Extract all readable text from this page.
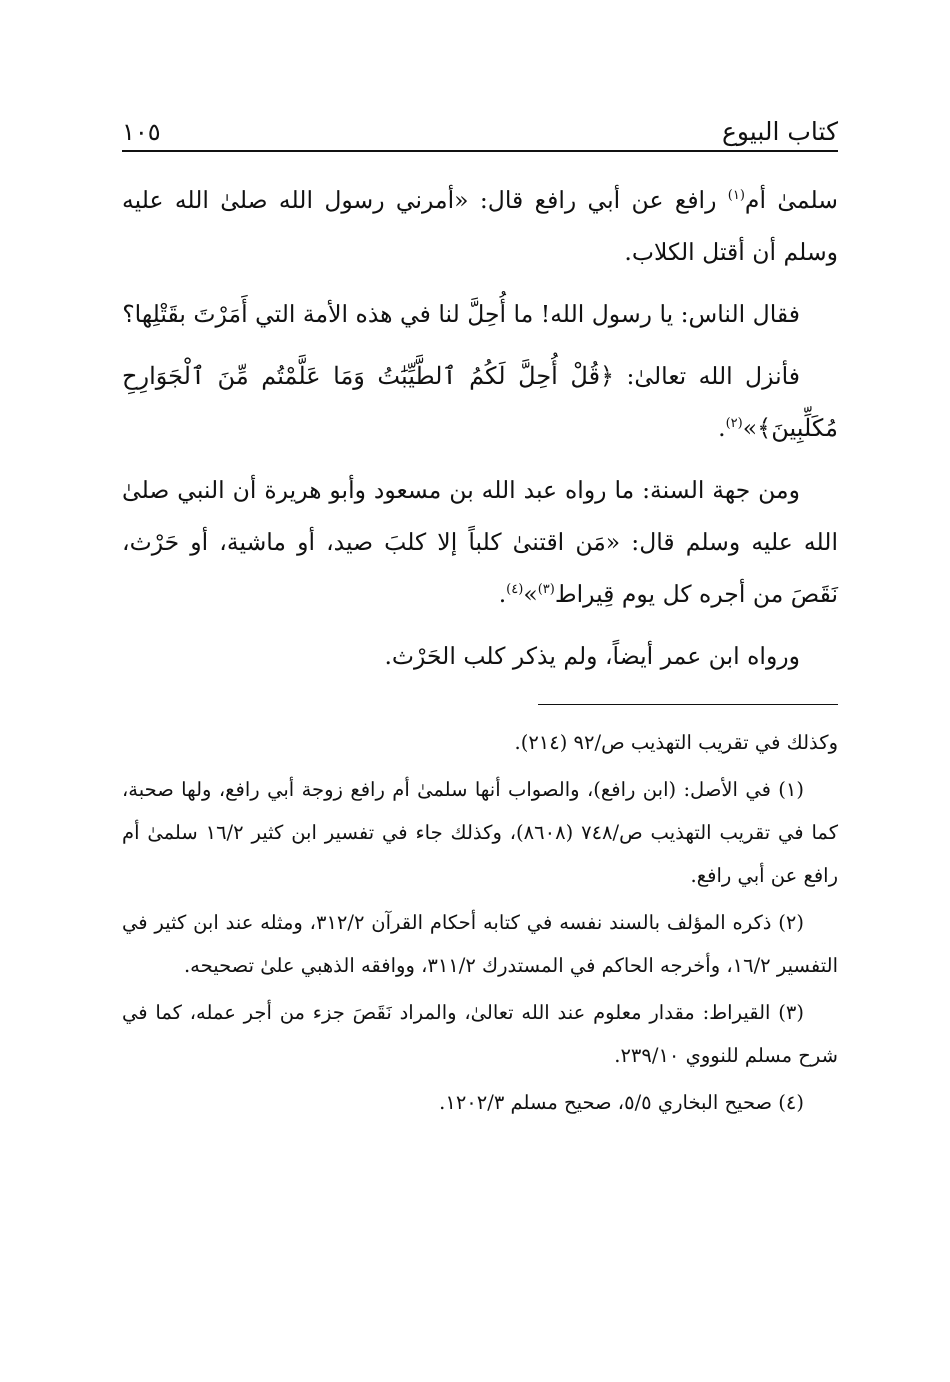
كتاب البيوع
١٠٥

سلمىٰ أم$^{(١)}$ رافع عن أبي رافع قال: «أمرني رسول الله صلىٰ الله عليه وسلم أن أقتل الكلاب.

فقال الناس: يا رسول الله! ما أُحِلَّ لنا في هذه الأمة التي أَمَرْتَ بقَتْلِها؟

فأنزل الله تعالىٰ: ﴿قُلْ أُحِلَّ لَكُمُ ٱلطَّيِّبَٰتُ وَمَا عَلَّمْتُم مِّنَ ٱلْجَوَارِحِ مُكَلِّبِينَ﴾»$^{(٢)}$.

ومن جهة السنة: ما رواه عبد الله بن مسعود وأبو هريرة أن النبي صلىٰ الله عليه وسلم قال: «مَن اقتنىٰ كلباً إلا كلبَ صيد، أو ماشية، أو حَرْث، نَقَصَ من أجره كل يوم قِيراط$^{(٣)}$»$^{(٤)}$.

ورواه ابن عمر أيضاً، ولم يذكر كلب الحَرْث.

وكذلك في تقريب التهذيب ص/٩٢ (٢١٤).

(١) في الأصل: (ابن رافع)، والصواب أنها سلمىٰ أم رافع زوجة أبي رافع، ولها صحبة، كما في تقريب التهذيب ص/٧٤٨ (٨٦٠٨)، وكذلك جاء في تفسير ابن كثير ١٦/٢ سلمىٰ أم رافع عن أبي رافع.

(٢) ذكره المؤلف بالسند نفسه في كتابه أحكام القرآن ٣١٢/٢، ومثله عند ابن كثير في التفسير ١٦/٢، وأخرجه الحاكم في المستدرك ٣١١/٢، ووافقه الذهبي علىٰ تصحيحه.

(٣) القيراط: مقدار معلوم عند الله تعالىٰ، والمراد نَقَصَ جزء من أجر عمله، كما في شرح مسلم للنووي ٢٣٩/١٠.

(٤) صحيح البخاري ٥/٥، صحيح مسلم ١٢٠٢/٣.
